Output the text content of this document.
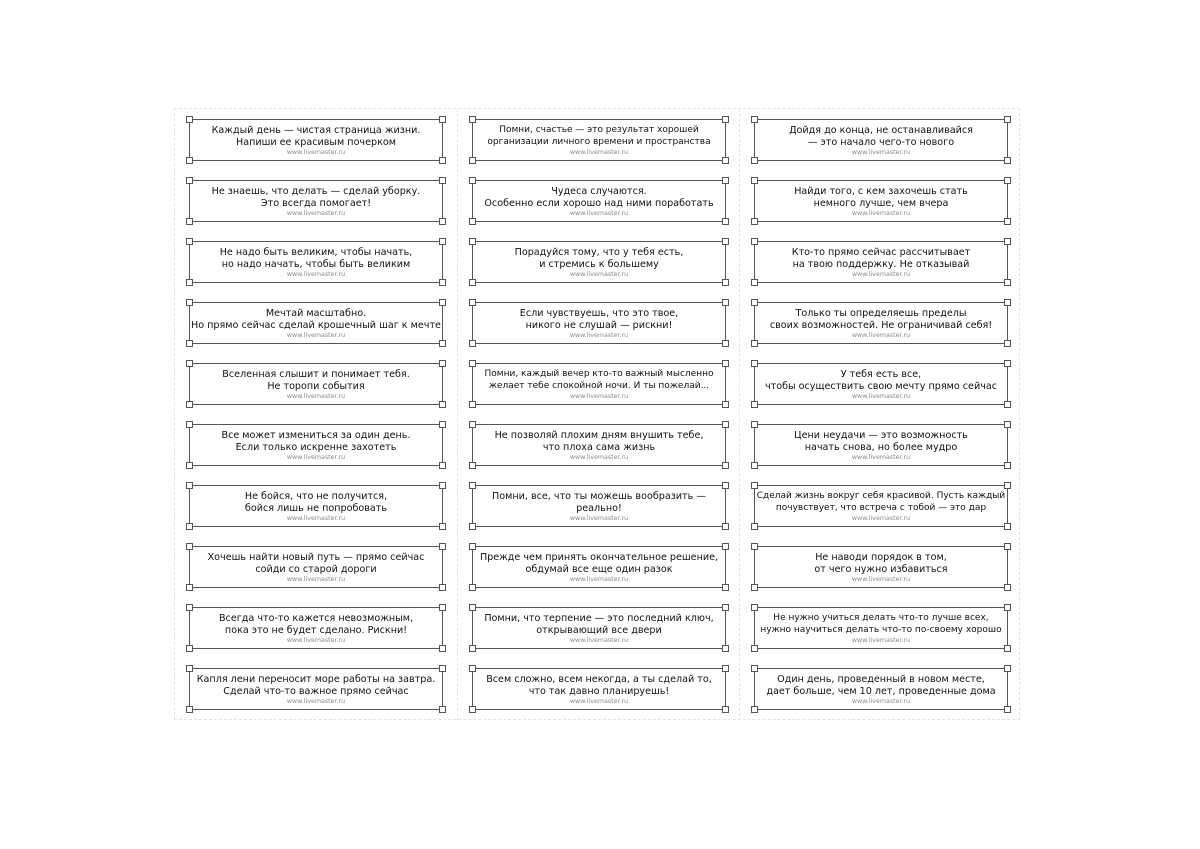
Каждый день — чистая страница жизни.
Напиши ее красивым почерком
www.livemaster.ru
Не знаешь, что делать — сделай уборку.
Это всегда помогает!
www.livemaster.ru
Не надо быть великим, чтобы начать,
но надо начать, чтобы быть великим
www.livemaster.ru
Мечтай масштабно.
Но прямо сейчас сделай крошечный шаг к мечте
www.livemaster.ru
Вселенная слышит и понимает тебя.
Не торопи события
www.livemaster.ru
Все может измениться за один день.
Если только искренне захотеть
www.livemaster.ru
Не бойся, что не получится,
бойся лишь не попробовать
www.livemaster.ru
Хочешь найти новый путь — прямо сейчас
сойди со старой дороги
www.livemaster.ru
Всегда что-то кажется невозможным,
пока это не будет сделано. Рискни!
www.livemaster.ru
Капля лени переносит море работы на завтра.
Сделай что-то важное прямо сейчас
www.livemaster.ru
Помни, счастье — это результат хорошей
организации личного времени и пространства
www.livemaster.ru
Чудеса случаются.
Особенно если хорошо над ними поработать
www.livemaster.ru
Порадуйся тому, что у тебя есть,
и стремись к большему
www.livemaster.ru
Если чувствуешь, что это твое,
никого не слушай — рискни!
www.livemaster.ru
Помни, каждый вечер кто-то важный мысленно
желает тебе спокойной ночи. И ты пожелай...
www.livemaster.ru
Не позволяй плохим дням внушить тебе,
что плоха сама жизнь
www.livemaster.ru
Помни, все, что ты можешь вообразить — реально!
www.livemaster.ru
Прежде чем принять окончательное решение,
обдумай все еще один разок
www.livemaster.ru
Помни, что терпение — это последний ключ,
открывающий все двери
www.livemaster.ru
Всем сложно, всем некогда, а ты сделай то,
что так давно планируешь!
www.livemaster.ru
Дойдя до конца, не останавливайся
— это начало чего-то нового
www.livemaster.ru
Найди того, с кем захочешь стать
немного лучше, чем вчера
www.livemaster.ru
Кто-то прямо сейчас рассчитывает
на твою поддержку. Не отказывай
www.livemaster.ru
Только ты определяешь пределы
своих возможностей. Не ограничивай себя!
www.livemaster.ru
У тебя есть все,
чтобы осуществить свою мечту прямо сейчас
www.livemaster.ru
Цени неудачи — это возможность
начать снова, но более мудро
www.livemaster.ru
Сделай жизнь вокруг себя красивой. Пусть каждый
почувствует, что встреча с тобой — это дар
www.livemaster.ru
Не наводи порядок в том,
от чего нужно избавиться
www.livemaster.ru
Не нужно учиться делать что-то лучше всех,
нужно научиться делать что-то по-своему хорошо
www.livemaster.ru
Один день, проведенный в новом месте,
дает больше, чем 10 лет, проведенные дома
www.livemaster.ru
